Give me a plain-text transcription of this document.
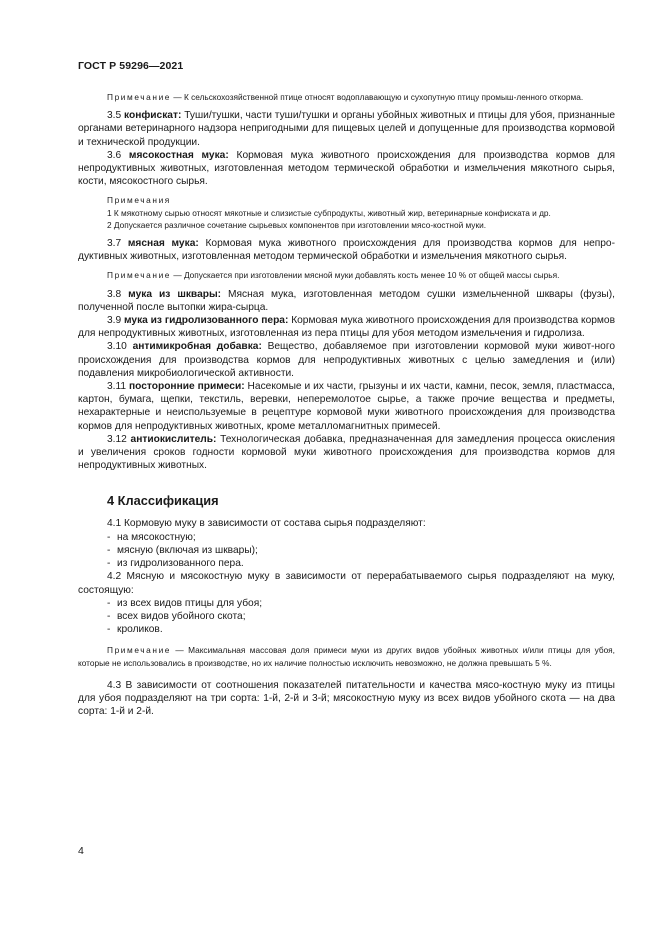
ГОСТ Р 59296—2021

Примечание — К сельскохозяйственной птице относят водоплавающую и сухопутную птицу промыш-ленного откорма.

3.5 конфискат: Туши/тушки, части туши/тушки и органы убойных животных и птицы для убоя, признанные органами ветеринарного надзора непригодными для пищевых целей и допущенные для производства кормовой и технической продукции.

3.6 мясокостная мука: Кормовая мука животного происхождения для производства кормов для непродуктивных животных, изготовленная методом термической обработки и измельчения мякотного сырья, кости, мясокостного сырья.

Примечания

1 К мякотному сырью относят мякотные и слизистые субпродукты, животный жир, ветеринарные конфиската и др.

2 Допускается различное сочетание сырьевых компонентов при изготовлении мясо-костной муки.

3.7 мясная мука: Кормовая мука животного происхождения для производства кормов для непро-дуктивных животных, изготовленная методом термической обработки и измельчения мякотного сырья.

Примечание — Допускается при изготовлении мясной муки добавлять кость менее 10 % от общей массы сырья.

3.8 мука из шквары: Мясная мука, изготовленная методом сушки измельченной шквары (фузы), полученной после вытопки жира-сырца.

3.9 мука из гидролизованного пера: Кормовая мука животного происхождения для производства кормов для непродуктивных животных, изготовленная из пера птицы для убоя методом измельчения и гидролиза.

3.10 антимикробная добавка: Вещество, добавляемое при изготовлении кормовой муки живот-ного происхождения для производства кормов для непродуктивных животных с целью замедления и (или) подавления микробиологической активности.

3.11 посторонние примеси: Насекомые и их части, грызуны и их части, камни, песок, земля, пластмасса, картон, бумага, щепки, текстиль, веревки, неперемолотое сырье, а также прочие вещества и предметы, нехарактерные и неиспользуемые в рецептуре кормовой муки животного происхождения для производства кормов для непродуктивных животных, кроме металломагнитных примесей.

3.12 антиокислитель: Технологическая добавка, предназначенная для замедления процесса окисления и увеличения сроков годности кормовой муки животного происхождения для производства кормов для непродуктивных животных.

4 Классификация

4.1 Кормовую муку в зависимости от состава сырья подразделяют:

- на мясокостную;

- мясную (включая из шквары);

- из гидролизованного пера.

4.2 Мясную и мясокостную муку в зависимости от перерабатываемого сырья подразделяют на муку, состоящую:

- из всех видов птицы для убоя;

- всех видов убойного скота;

- кроликов.

Примечание — Максимальная массовая доля примеси муки из других видов убойных животных и/или птицы для убоя, которые не использовались в производстве, но их наличие полностью исключить невозможно, не должна превышать 5 %.

4.3 В зависимости от соотношения показателей питательности и качества мясо-костную муку из птицы для убоя подразделяют на три сорта: 1-й, 2-й и 3-й; мясокостную муку из всех видов убойного скота — на два сорта: 1-й и 2-й.

4
